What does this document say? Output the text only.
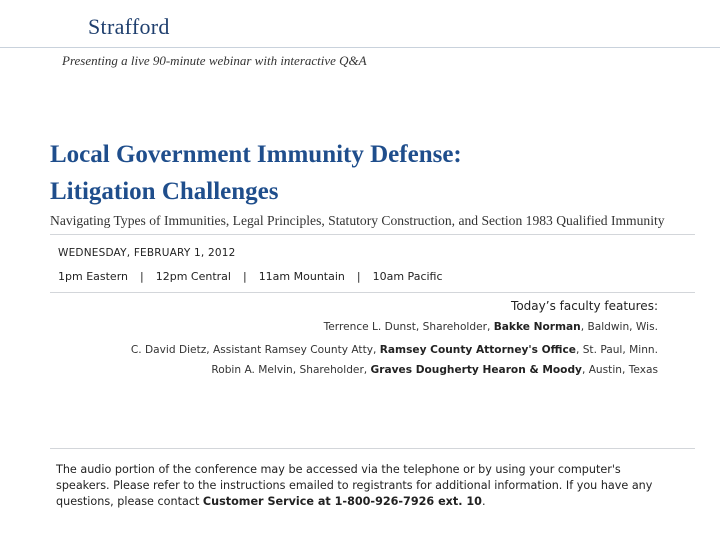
Strafford
Presenting a live 90-minute webinar with interactive Q&A
Local Government Immunity Defense:
Litigation Challenges
Navigating Types of Immunities, Legal Principles, Statutory Construction, and Section 1983 Qualified Immunity
WEDNESDAY, FEBRUARY 1, 2012
1pm Eastern | 12pm Central | 11am Mountain | 10am Pacific
Today’s faculty features:
Terrence L. Dunst, Shareholder, Bakke Norman, Baldwin, Wis.
C. David Dietz, Assistant Ramsey County Atty, Ramsey County Attorney's Office, St. Paul, Minn.
Robin A. Melvin, Shareholder, Graves Dougherty Hearon & Moody, Austin, Texas

The audio portion of the conference may be accessed via the telephone or by using your computer's speakers. Please refer to the instructions emailed to registrants for additional information. If you have any questions, please contact Customer Service at 1-800-926-7926 ext. 10.
